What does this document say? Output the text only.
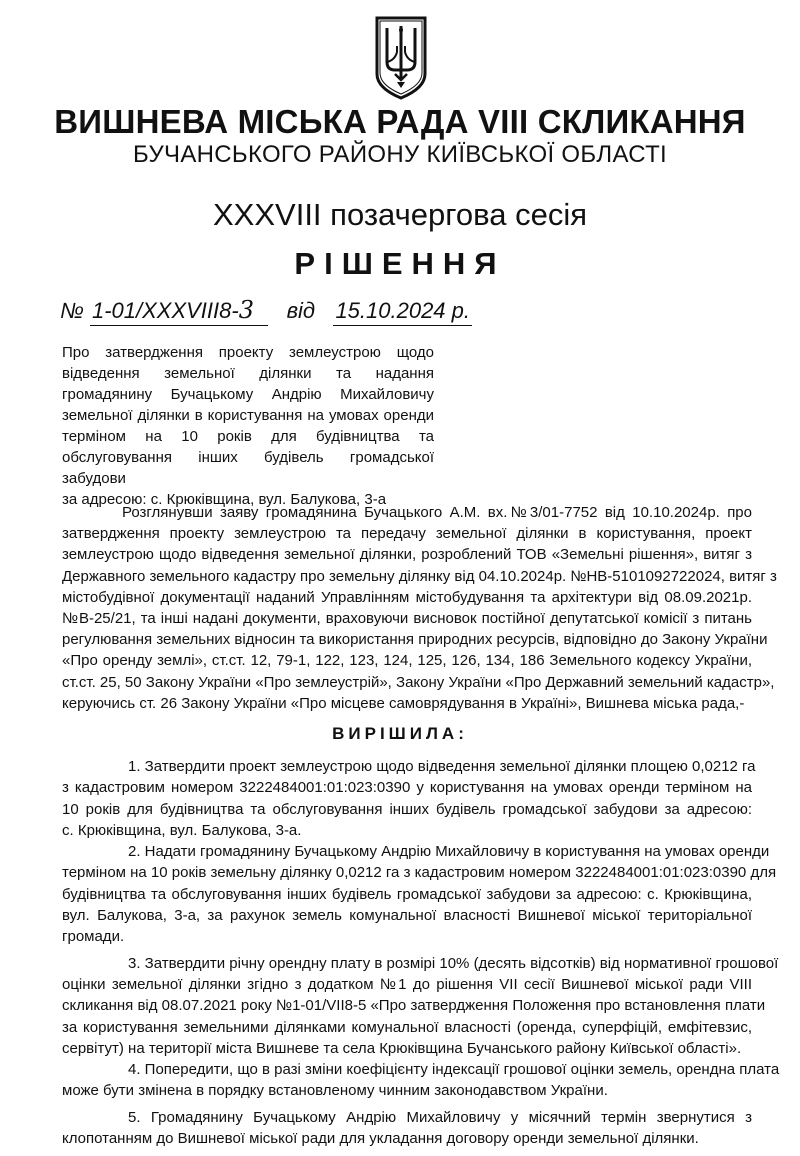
ВИШНЕВА МІСЬКА РАДА VIII СКЛИКАННЯ
БУЧАНСЬКОГО РАЙОНУ КИЇВСЬКОЇ ОБЛАСТІ
XXXVIII позачергова сесія
РІШЕННЯ
№ 1-01/XXXVIII8-3 від 15.10.2024 р.
Про затвердження проекту землеустрою щодо
відведення земельної ділянки та надання
громадянину Бучацькому Андрію Михайловичу
земельної ділянки в користування на умовах оренди
терміном на 10 років для будівництва та
обслуговування інших будівель громадської забудови
за адресою: с. Крюківщина, вул. Балукова, 3-а
Розглянувши заяву громадянина Бучацького А.М. вх.№3/01-7752 від 10.10.2024р. про
затвердження проекту землеустрою та передачу земельної ділянки в користування, проект
землеустрою щодо відведення земельної ділянки, розроблений ТОВ «Земельні рішення», витяг з
Державного земельного кадастру про земельну ділянку від 04.10.2024р. №НВ-5101092722024, витяг з
містобудівної документації наданий Управлінням містобудування та архітектури від 08.09.2021р.
№В-25/21, та інші надані документи, враховуючи висновок постійної депутатської комісії з питань
регулювання земельних відносин та використання природних ресурсів, відповідно до Закону України
«Про оренду землі», ст.ст. 12, 79-1, 122, 123, 124, 125, 126, 134, 186 Земельного кодексу України,
ст.ст. 25, 50 Закону України «Про землеустрій», Закону України «Про Державний земельний кадастр»,
керуючись ст. 26 Закону України «Про місцеве самоврядування в Україні», Вишнева міська рада,-
ВИРІШИЛА:
1. Затвердити проект землеустрою щодо відведення земельної ділянки площею 0,0212 га
з кадастровим номером 3222484001:01:023:0390 у користування на умовах оренди терміном на
10 років для будівництва та обслуговування інших будівель громадської забудови за адресою:
с. Крюківщина, вул. Балукова, 3-а.
2. Надати громадянину Бучацькому Андрію Михайловичу в користування на умовах оренди
терміном на 10 років земельну ділянку 0,0212 га з кадастровим номером 3222484001:01:023:0390 для
будівництва та обслуговування інших будівель громадської забудови за адресою: с. Крюківщина,
вул. Балукова, 3-а, за рахунок земель комунальної власності Вишневої міської територіальної
громади.
3. Затвердити річну орендну плату в розмірі 10% (десять відсотків) від нормативної грошової
оцінки земельної ділянки згідно з додатком №1 до рішення VII сесії Вишневої міської ради VIII
скликання від 08.07.2021 року №1-01/VII8-5 «Про затвердження Положення про встановлення плати
за користування земельними ділянками комунальної власності (оренда, суперфіцій, емфітевзис,
сервітут) на території міста Вишневе та села Крюківщина Бучанського району Київської області».
4. Попередити, що в разі зміни коефіцієнту індексації грошової оцінки земель, орендна плата
може бути змінена в порядку встановленому чинним законодавством України.
5. Громадянину Бучацькому Андрію Михайловичу у місячний термін звернутися з
клопотанням до Вишневої міської ради для укладання договору оренди земельної ділянки.
